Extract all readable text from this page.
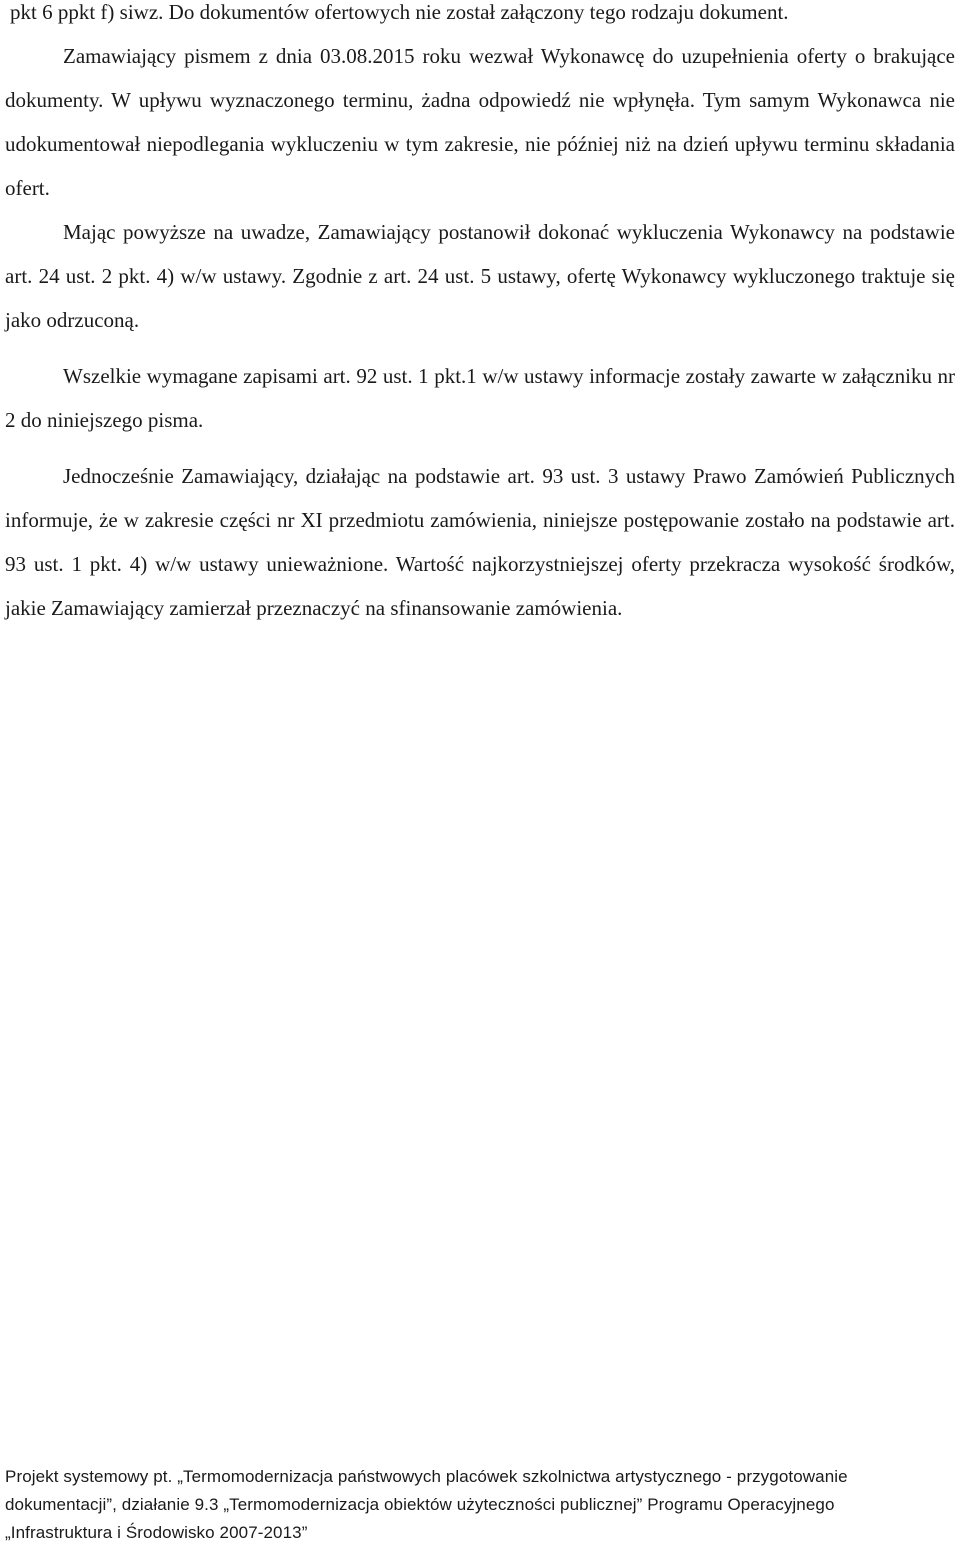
pkt 6 ppkt f) siwz. Do dokumentów ofertowych nie został załączony tego rodzaju dokument.

Zamawiający pismem z dnia 03.08.2015 roku wezwał Wykonawcę do uzupełnienia oferty o brakujące dokumenty. W upływu wyznaczonego terminu, żadna odpowiedź nie wpłynęła. Tym samym Wykonawca nie udokumentował niepodlegania wykluczeniu w tym zakresie, nie później niż na dzień upływu terminu składania ofert.

Mając powyższe na uwadze, Zamawiający postanowił dokonać wykluczenia Wykonawcy na podstawie art. 24 ust. 2 pkt. 4) w/w ustawy. Zgodnie z art. 24 ust. 5 ustawy, ofertę Wykonawcy wykluczonego traktuje się jako odrzuconą.

Wszelkie wymagane zapisami art. 92 ust. 1 pkt.1 w/w ustawy informacje zostały zawarte w załączniku nr 2 do niniejszego pisma.

Jednocześnie Zamawiający, działając na podstawie art. 93 ust. 3 ustawy Prawo Zamówień Publicznych informuje, że w zakresie części nr XI przedmiotu zamówienia, niniejsze postępowanie zostało na podstawie art. 93 ust. 1 pkt. 4) w/w ustawy unieważnione. Wartość najkorzystniejszej oferty przekracza wysokość środków, jakie Zamawiający zamierzał przeznaczyć na sfinansowanie zamówienia.

Projekt systemowy pt. „Termomodernizacja państwowych placówek szkolnictwa artystycznego - przygotowanie
dokumentacji”, działanie 9.3 „Termomodernizacja obiektów użyteczności publicznej” Programu Operacyjnego
„Infrastruktura i Środowisko 2007-2013”
